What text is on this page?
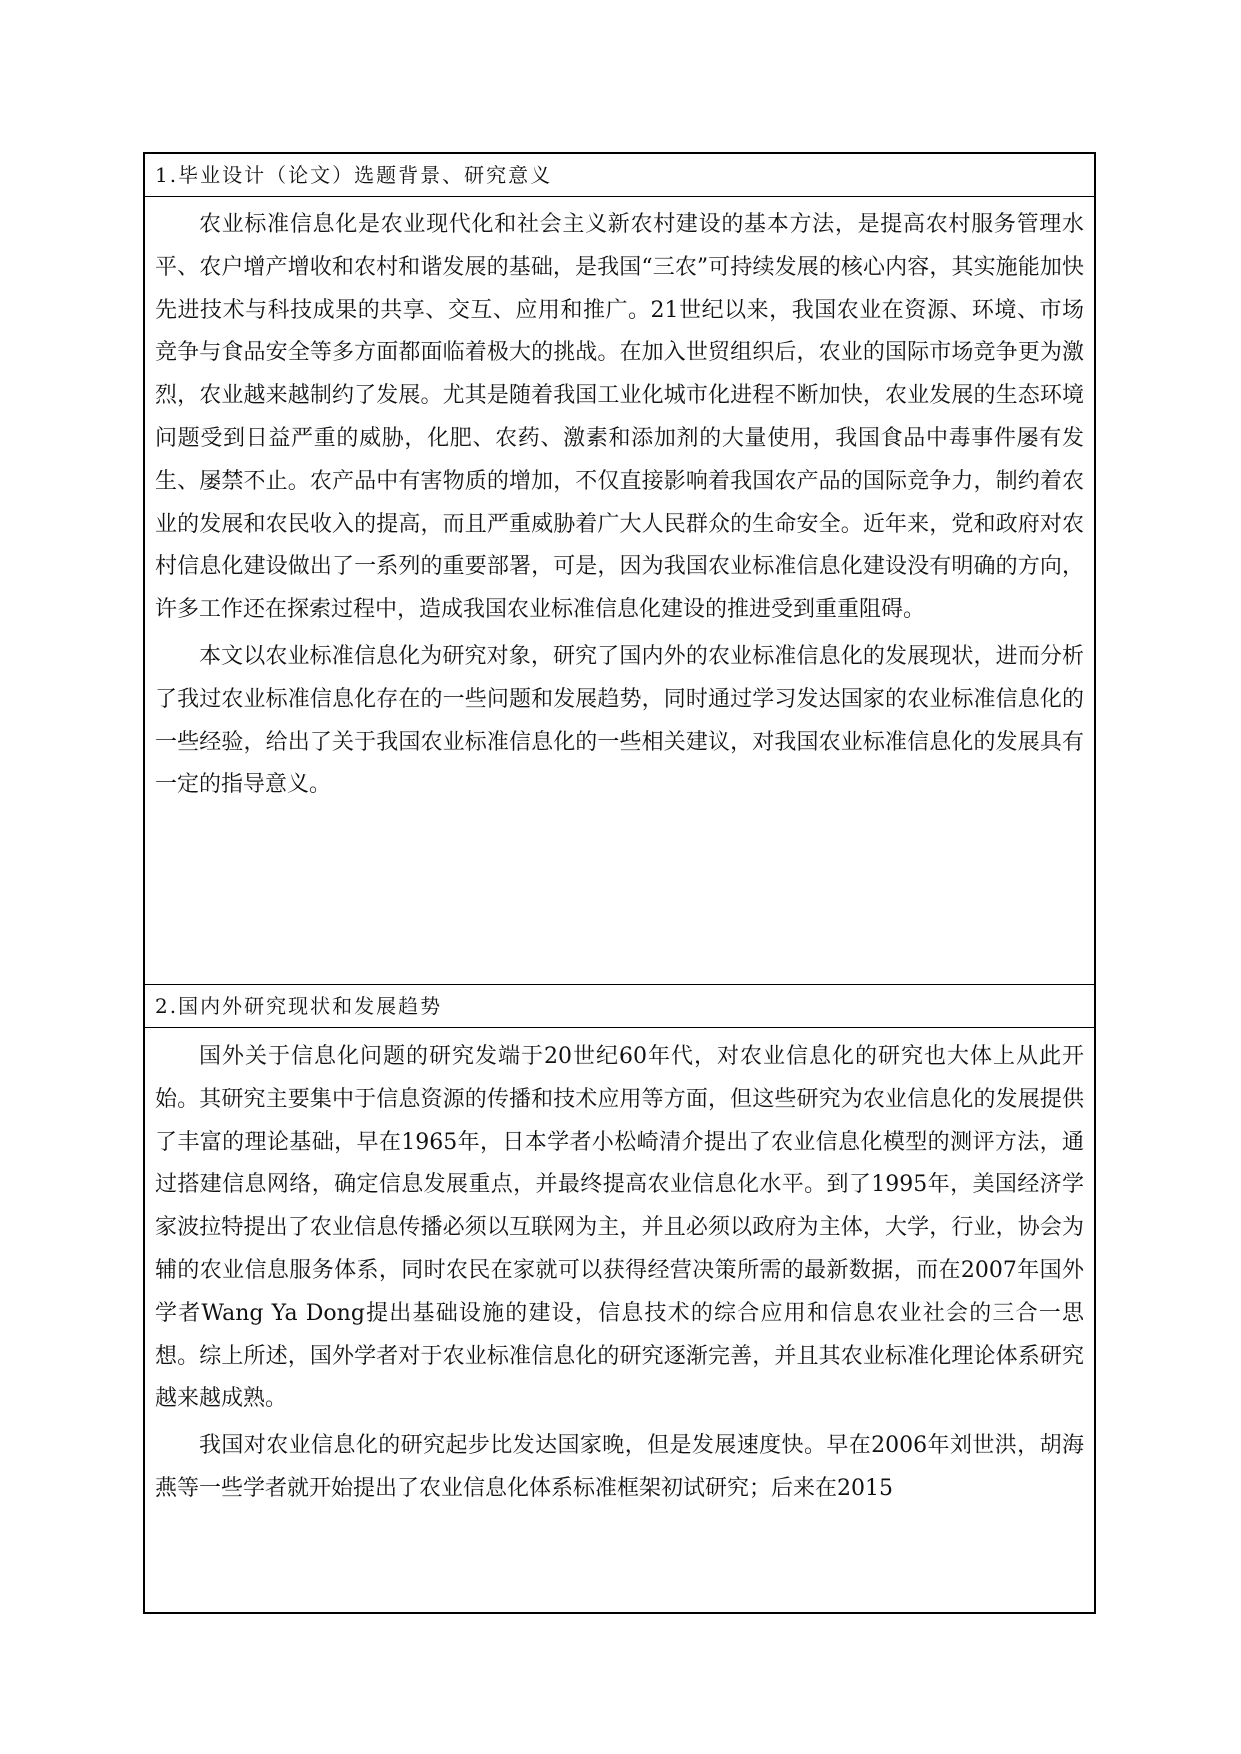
1.毕业设计（论文）选题背景、研究意义

农业标准信息化是农业现代化和社会主义新农村建设的基本方法，是提高农村服务管理水平、农户增产增收和农村和谐发展的基础，是我国“三农”可持续发展的核心内容，其实施能加快先进技术与科技成果的共享、交互、应用和推广。21世纪以来，我国农业在资源、环境、市场竞争与食品安全等多方面都面临着极大的挑战。在加入世贸组织后，农业的国际市场竞争更为激烈，农业越来越制约了发展。尤其是随着我国工业化城市化进程不断加快，农业发展的生态环境问题受到日益严重的威胁，化肥、农药、激素和添加剂的大量使用，我国食品中毒事件屡有发生、屡禁不止。农产品中有害物质的增加，不仅直接影响着我国农产品的国际竞争力，制约着农业的发展和农民收入的提高，而且严重威胁着广大人民群众的生命安全。近年来，党和政府对农村信息化建设做出了一系列的重要部署，可是，因为我国农业标准信息化建设没有明确的方向，许多工作还在探索过程中，造成我国农业标准信息化建设的推进受到重重阻碍。

本文以农业标准信息化为研究对象，研究了国内外的农业标准信息化的发展现状，进而分析了我过农业标准信息化存在的一些问题和发展趋势，同时通过学习发达国家的农业标准信息化的一些经验，给出了关于我国农业标准信息化的一些相关建议，对我国农业标准信息化的发展具有一定的指导意义。

2.国内外研究现状和发展趋势

国外关于信息化问题的研究发端于20世纪60年代，对农业信息化的研究也大体上从此开始。其研究主要集中于信息资源的传播和技术应用等方面，但这些研究为农业信息化的发展提供了丰富的理论基础，早在1965年，日本学者小松崎清介提出了农业信息化模型的测评方法，通过搭建信息网络，确定信息发展重点，并最终提高农业信息化水平。到了1995年，美国经济学家波拉特提出了农业信息传播必须以互联网为主，并且必须以政府为主体，大学，行业，协会为辅的农业信息服务体系，同时农民在家就可以获得经营决策所需的最新数据，而在2007年国外学者Wang Ya Dong提出基础设施的建设，信息技术的综合应用和信息农业社会的三合一思想。综上所述，国外学者对于农业标准信息化的研究逐渐完善，并且其农业标准化理论体系研究越来越成熟。

我国对农业信息化的研究起步比发达国家晚，但是发展速度快。早在2006年刘世洪，胡海燕等一些学者就开始提出了农业信息化体系标准框架初试研究；后来在2015
